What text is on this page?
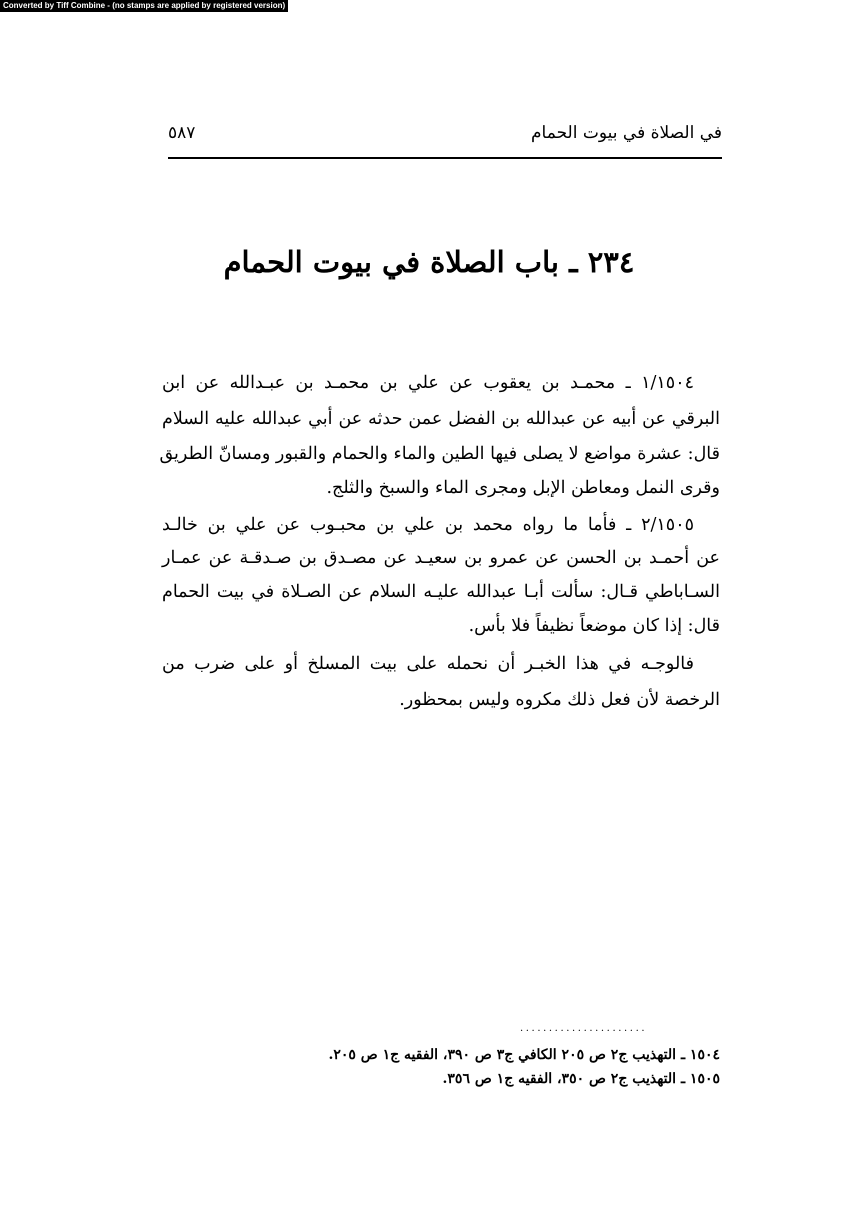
Converted by Tiff Combine - (no stamps are applied by registered version)
في الصلاة في بيوت الحمام
٥٨٧
٢٣٤ ـ باب الصلاة في بيوت الحمام
١/١٥٠٤ ـ محمـد بن يعقوب عن علي بن محمـد بن عبـدالله عن ابن
البرقي عن أبيه عن عبدالله بن الفضل عمن حدثه عن أبي عبدالله عليه السلام
قال: عشرة مواضع لا يصلى فيها الطين والماء والحمام والقبور ومسانّ الطريق
وقرى النمل ومعاطن الإبل ومجرى الماء والسبخ والثلج.
٢/١٥٠٥ ـ فأما ما رواه محمد بن علي بن محبـوب عن علي بن خالـد
عن أحمـد بن الحسن عن عمرو بن سعيـد عن مصـدق بن صـدقـة عن عمـار
السـاباطي قـال: سألت أبـا عبدالله عليـه السلام عن الصـلاة في بيت الحمام
قال: إذا كان موضعاً نظيفاً فلا بأس.
فالوجـه في هذا الخبـر أن نحمله على بيت المسلخ أو على ضرب من
الرخصة لأن فعل ذلك مكروه وليس بمحظور.
......................
١٥٠٤ ـ التهذيب ج٢ ص ٢٠٥ الكافي ج٣ ص ٣٩٠، الفقيه ج١ ص ٢٠٥.
١٥٠٥ ـ التهذيب ج٢ ص ٣٥٠، الفقيه ج١ ص ٣٥٦.
